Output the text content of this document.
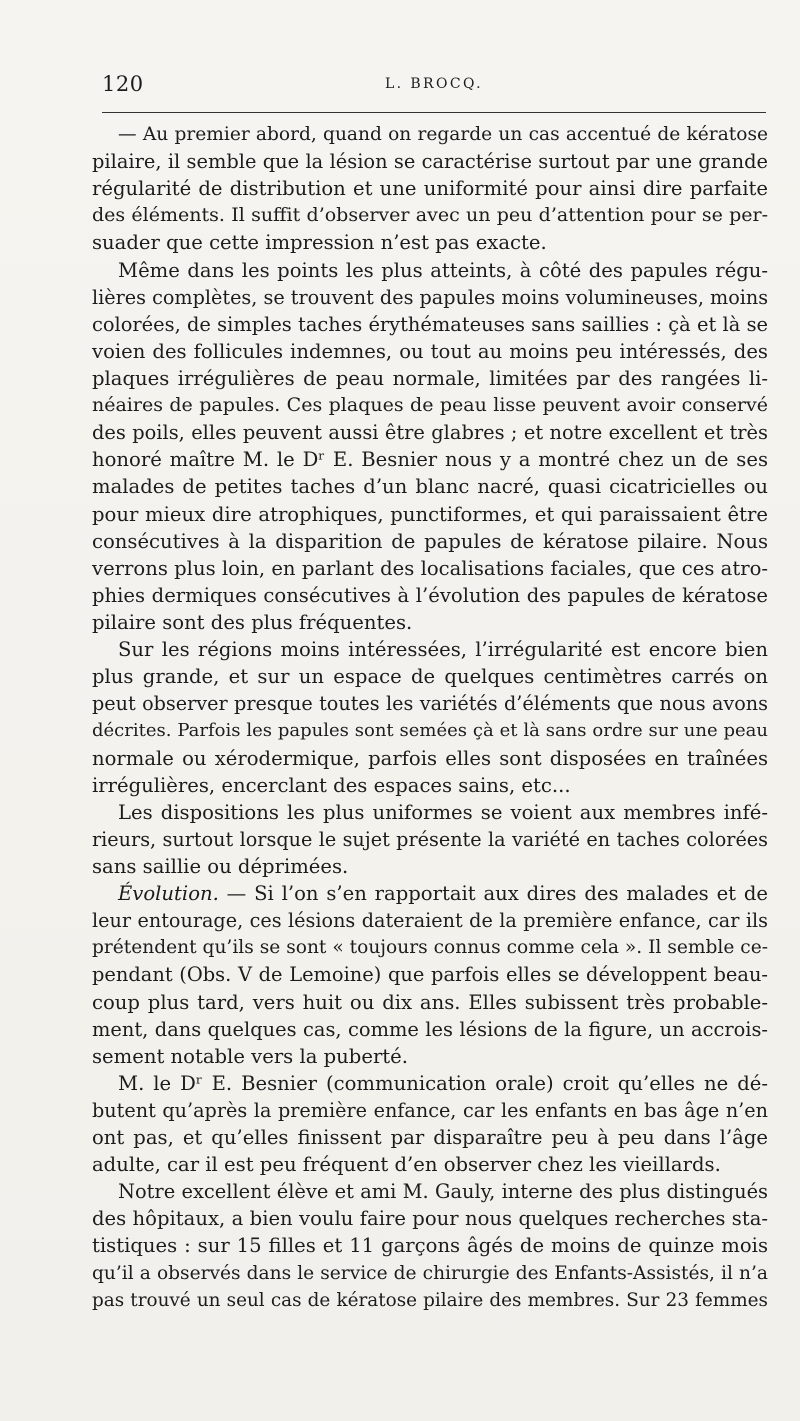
120	L. BROCQ.
— Au premier abord, quand on regarde un cas accentué de kératose
pilaire, il semble que la lésion se caractérise surtout par une grande
régularité de distribution et une uniformité pour ainsi dire parfaite
des éléments. Il suffit d’observer avec un peu d’attention pour se per-
suader que cette impression n’est pas exacte.
Même dans les points les plus atteints, à côté des papules régu-
lières complètes, se trouvent des papules moins volumineuses, moins
colorées, de simples taches érythémateuses sans saillies : çà et là se
voien des follicules indemnes, ou tout au moins peu intéressés, des
plaques irrégulières de peau normale, limitées par des rangées li-
néaires de papules. Ces plaques de peau lisse peuvent avoir conservé
des poils, elles peuvent aussi être glabres ; et notre excellent et très
honoré maître M. le Dʳ E. Besnier nous y a montré chez un de ses
malades de petites taches d’un blanc nacré, quasi cicatricielles ou
pour mieux dire atrophiques, punctiformes, et qui paraissaient être
consécutives à la disparition de papules de kératose pilaire. Nous
verrons plus loin, en parlant des localisations faciales, que ces atro-
phies dermiques consécutives à l’évolution des papules de kératose
pilaire sont des plus fréquentes.
Sur les régions moins intéressées, l’irrégularité est encore bien
plus grande, et sur un espace de quelques centimètres carrés on
peut observer presque toutes les variétés d’éléments que nous avons
décrites. Parfois les papules sont semées çà et là sans ordre sur une peau
normale ou xérodermique, parfois elles sont disposées en traînées
irrégulières, encerclant des espaces sains, etc...
Les dispositions les plus uniformes se voient aux membres infé-
rieurs, surtout lorsque le sujet présente la variété en taches colorées
sans saillie ou déprimées.
Évolution. — Si l’on s’en rapportait aux dires des malades et de
leur entourage, ces lésions dateraient de la première enfance, car ils
prétendent qu’ils se sont « toujours connus comme cela ». Il semble ce-
pendant (Obs. V de Lemoine) que parfois elles se développent beau-
coup plus tard, vers huit ou dix ans. Elles subissent très probable-
ment, dans quelques cas, comme les lésions de la figure, un accrois-
sement notable vers la puberté.
M. le Dʳ E. Besnier (communication orale) croit qu’elles ne dé-
butent qu’après la première enfance, car les enfants en bas âge n’en
ont pas, et qu’elles finissent par disparaître peu à peu dans l’âge
adulte, car il est peu fréquent d’en observer chez les vieillards.
Notre excellent élève et ami M. Gauly, interne des plus distingués
des hôpitaux, a bien voulu faire pour nous quelques recherches sta-
tistiques : sur 15 filles et 11 garçons âgés de moins de quinze mois
qu’il a observés dans le service de chirurgie des Enfants-Assistés, il n’a
pas trouvé un seul cas de kératose pilaire des membres. Sur 23 femmes
